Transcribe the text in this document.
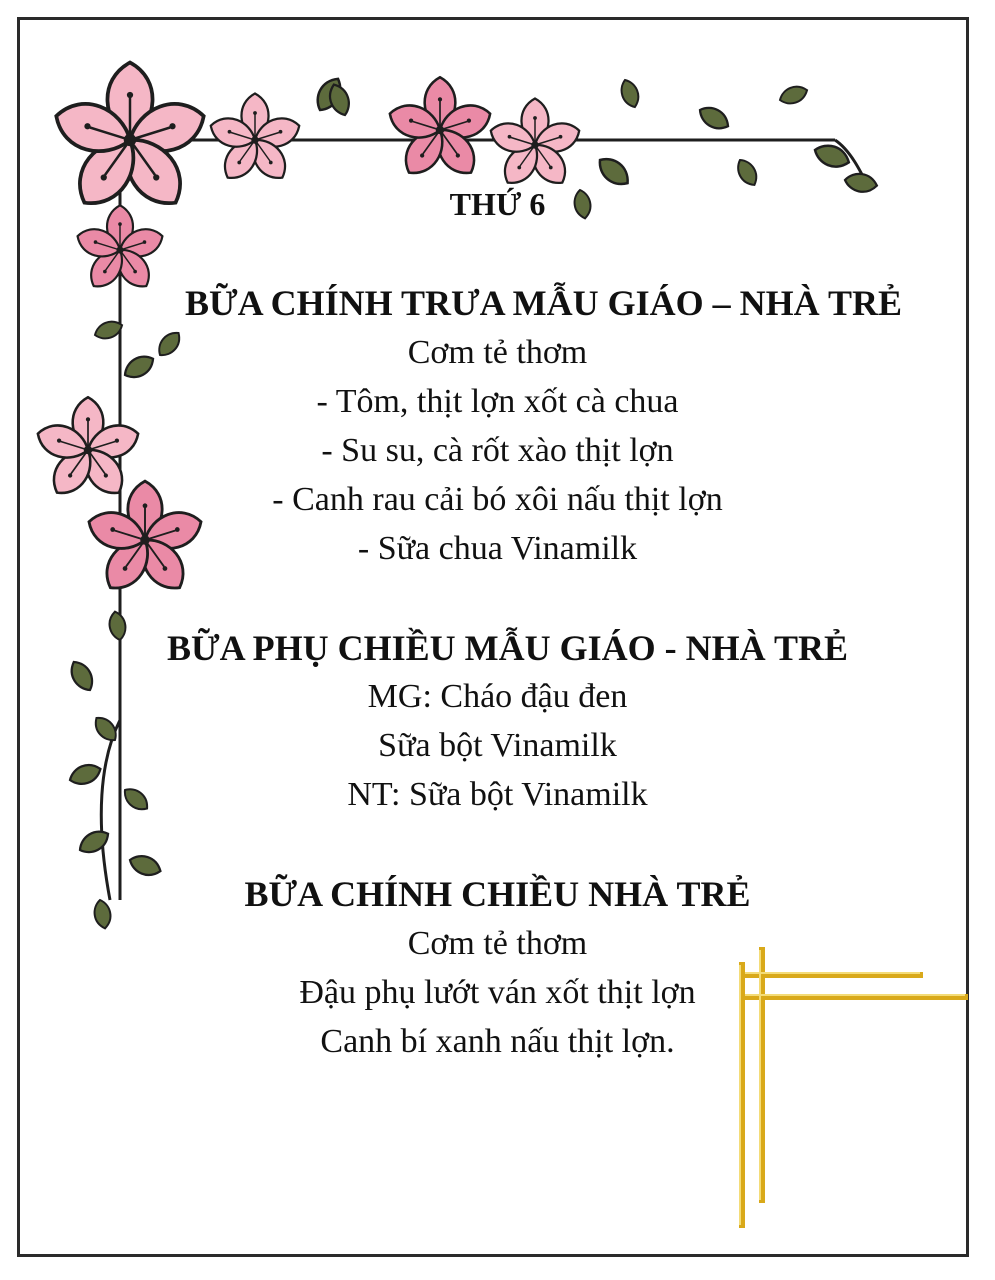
THỨ 6
BỮA CHÍNH TRƯA MẪU GIÁO – NHÀ TRẺ
Cơm tẻ thơm
- Tôm, thịt lợn xốt cà chua
- Su su, cà rốt xào thịt lợn
- Canh rau cải bó xôi nấu thịt lợn
- Sữa chua Vinamilk
BỮA PHỤ CHIỀU MẪU GIÁO - NHÀ TRẺ
MG: Cháo đậu đen
Sữa bột Vinamilk
NT: Sữa bột Vinamilk
BỮA CHÍNH CHIỀU NHÀ TRẺ
Cơm tẻ thơm
Đậu phụ lướt ván xốt thịt lợn
Canh bí xanh nấu thịt lợn.
